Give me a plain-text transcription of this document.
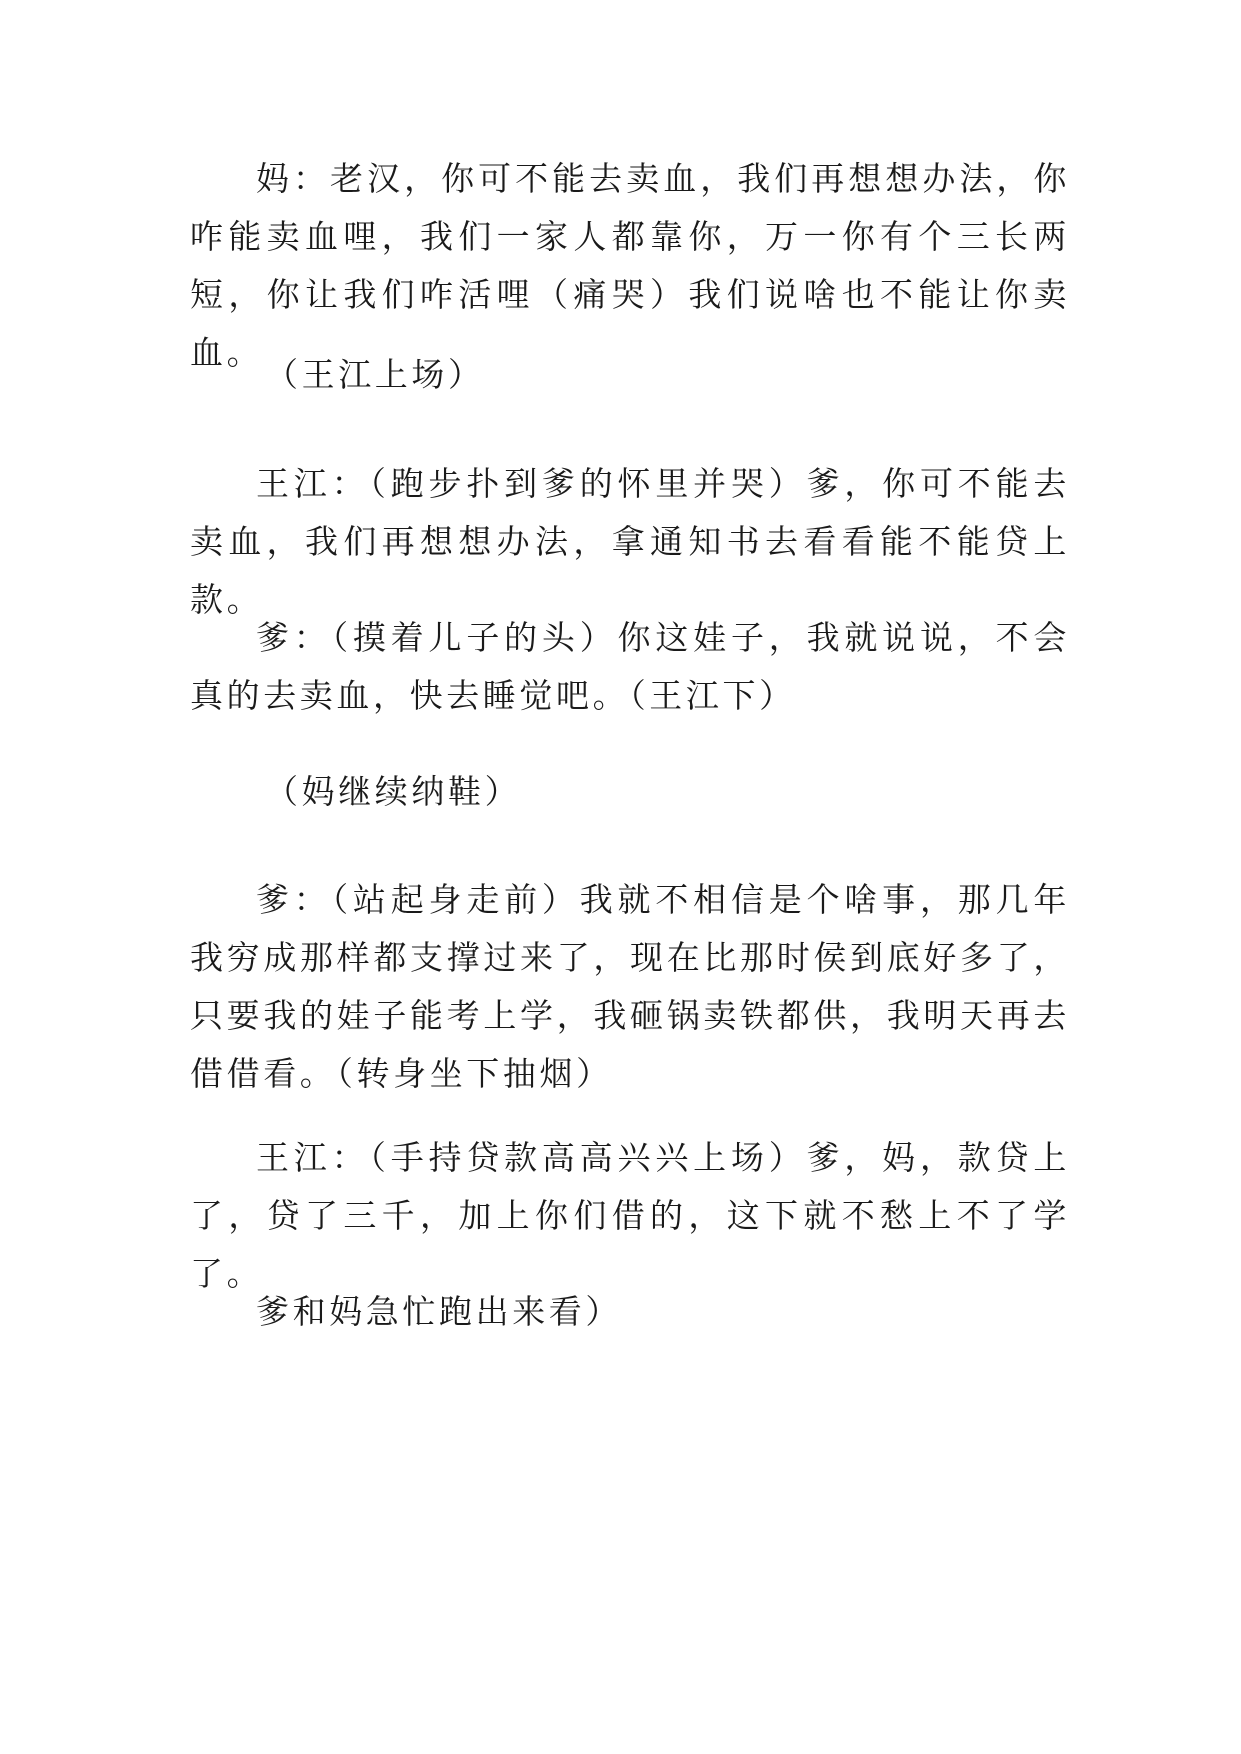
妈：老汉，你可不能去卖血，我们再想想办法，你咋能卖血哩，我们一家人都靠你，万一你有个三长两短，你让我们咋活哩（痛哭）我们说啥也不能让你卖血。

（王江上场）

王江：（跑步扑到爹的怀里并哭）爹，你可不能去卖血，我们再想想办法，拿通知书去看看能不能贷上款。

爹：（摸着儿子的头）你这娃子，我就说说，不会真的去卖血，快去睡觉吧。（王江下）

（妈继续纳鞋）

爹：（站起身走前）我就不相信是个啥事，那几年我穷成那样都支撑过来了，现在比那时侯到底好多了，只要我的娃子能考上学，我砸锅卖铁都供，我明天再去借借看。（转身坐下抽烟）

王江：（手持贷款高高兴兴上场）爹，妈，款贷上了，贷了三千，加上你们借的，这下就不愁上不了学了。

爹和妈急忙跑出来看）
